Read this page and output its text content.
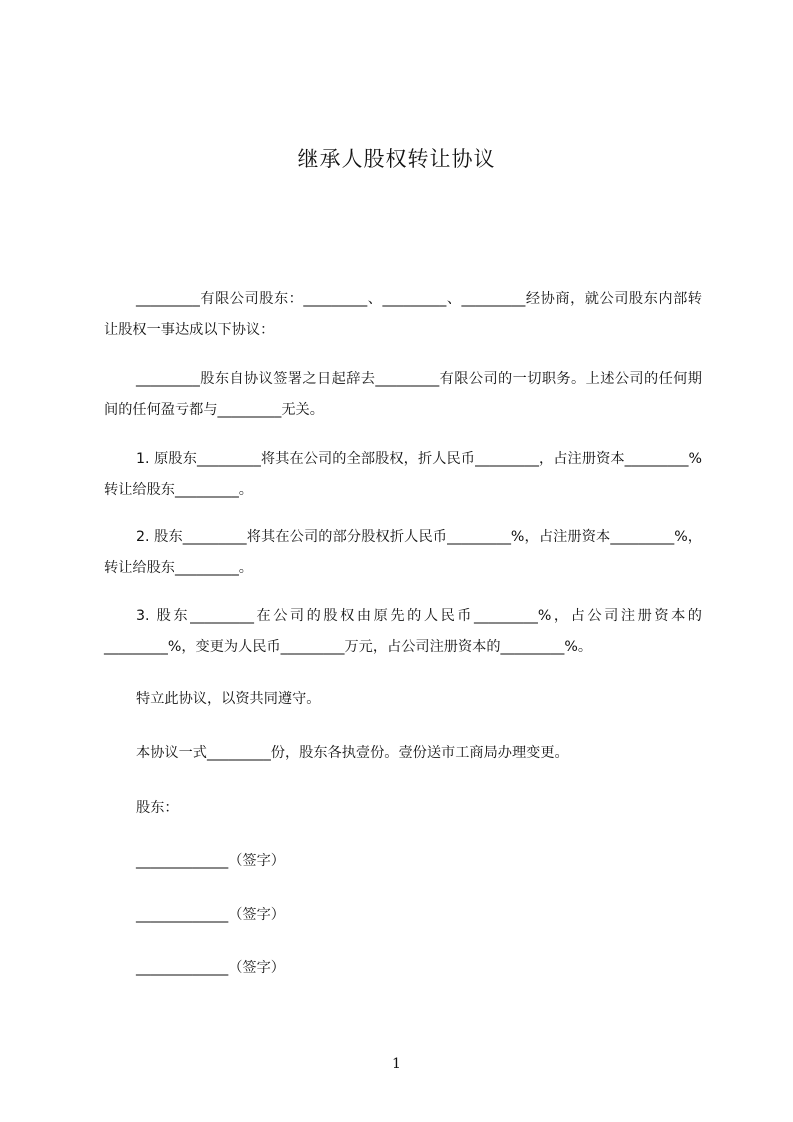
继承人股权转让协议
_________有限公司股东：_________、_________、_________经协商，就公司股东内部转让股权一事达成以下协议：
_________股东自协议签署之日起辞去_________有限公司的一切职务。上述公司的任何期间的任何盈亏都与_________无关。
1. 原股东_________将其在公司的全部股权，折人民币_________，占注册资本_________%转让给股东_________。
2. 股东_________将其在公司的部分股权折人民币_________%，占注册资本_________%，转让给股东_________。
3. 股东_________在公司的股权由原先的人民币_________%，占公司注册资本的_________%，变更为人民币_________万元，占公司注册资本的_________%。
特立此协议，以资共同遵守。
本协议一式_________份，股东各执壹份。壹份送市工商局办理变更。
股东：
_____________（签字）
_____________（签字）
_____________（签字）
1
